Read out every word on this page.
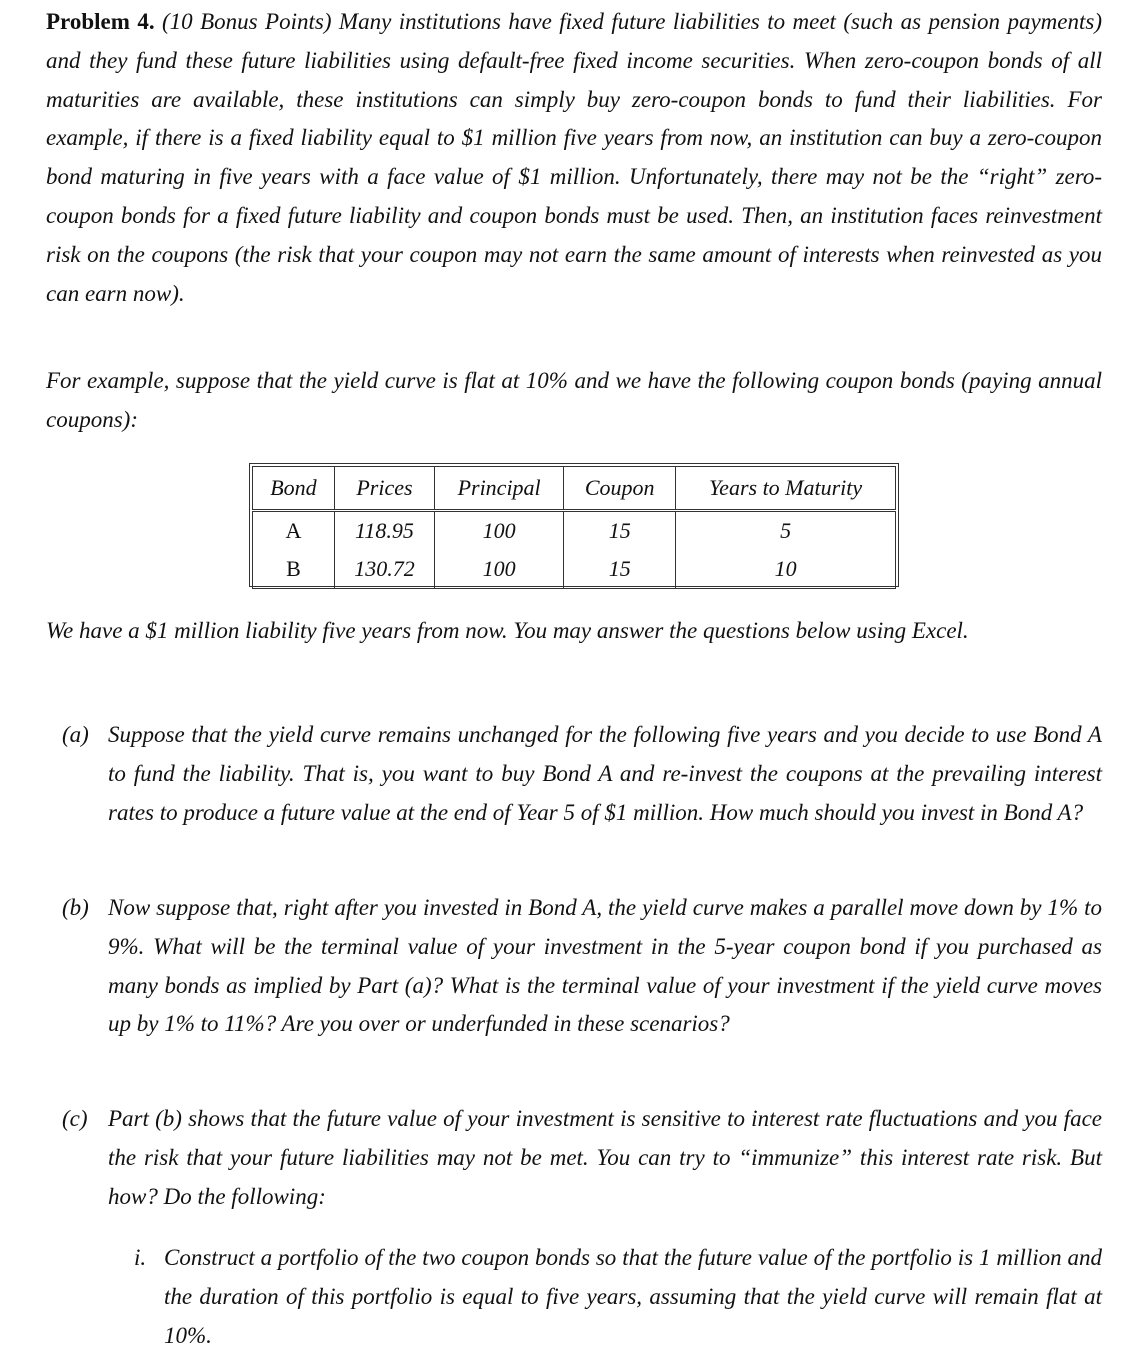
Problem 4. (10 Bonus Points) Many institutions have fixed future liabilities to meet (such as pension payments) and they fund these future liabilities using default-free fixed income securities. When zero-coupon bonds of all maturities are available, these institutions can simply buy zero-coupon bonds to fund their liabilities. For example, if there is a fixed liability equal to $1 million five years from now, an institution can buy a zero-coupon bond maturing in five years with a face value of $1 million. Unfortunately, there may not be the “right” zero-coupon bonds for a fixed future liability and coupon bonds must be used. Then, an institution faces reinvestment risk on the coupons (the risk that your coupon may not earn the same amount of interests when reinvested as you can earn now).

For example, suppose that the yield curve is flat at 10% and we have the following coupon bonds (paying annual coupons):

Bond	Prices	Principal	Coupon	Years to Maturity
A	118.95	100	15	5
B	130.72	100	15	10

We have a $1 million liability five years from now. You may answer the questions below using Excel.

(a) Suppose that the yield curve remains unchanged for the following five years and you decide to use Bond A to fund the liability. That is, you want to buy Bond A and re-invest the coupons at the prevailing interest rates to produce a future value at the end of Year 5 of $1 million. How much should you invest in Bond A?

(b) Now suppose that, right after you invested in Bond A, the yield curve makes a parallel move down by 1% to 9%. What will be the terminal value of your investment in the 5-year coupon bond if you purchased as many bonds as implied by Part (a)? What is the terminal value of your investment if the yield curve moves up by 1% to 11%? Are you over or underfunded in these scenarios?

(c) Part (b) shows that the future value of your investment is sensitive to interest rate fluctuations and you face the risk that your future liabilities may not be met. You can try to “immunize” this interest rate risk. But how? Do the following:

i. Construct a portfolio of the two coupon bonds so that the future value of the portfolio is 1 million and the duration of this portfolio is equal to five years, assuming that the yield curve will remain flat at 10%.
